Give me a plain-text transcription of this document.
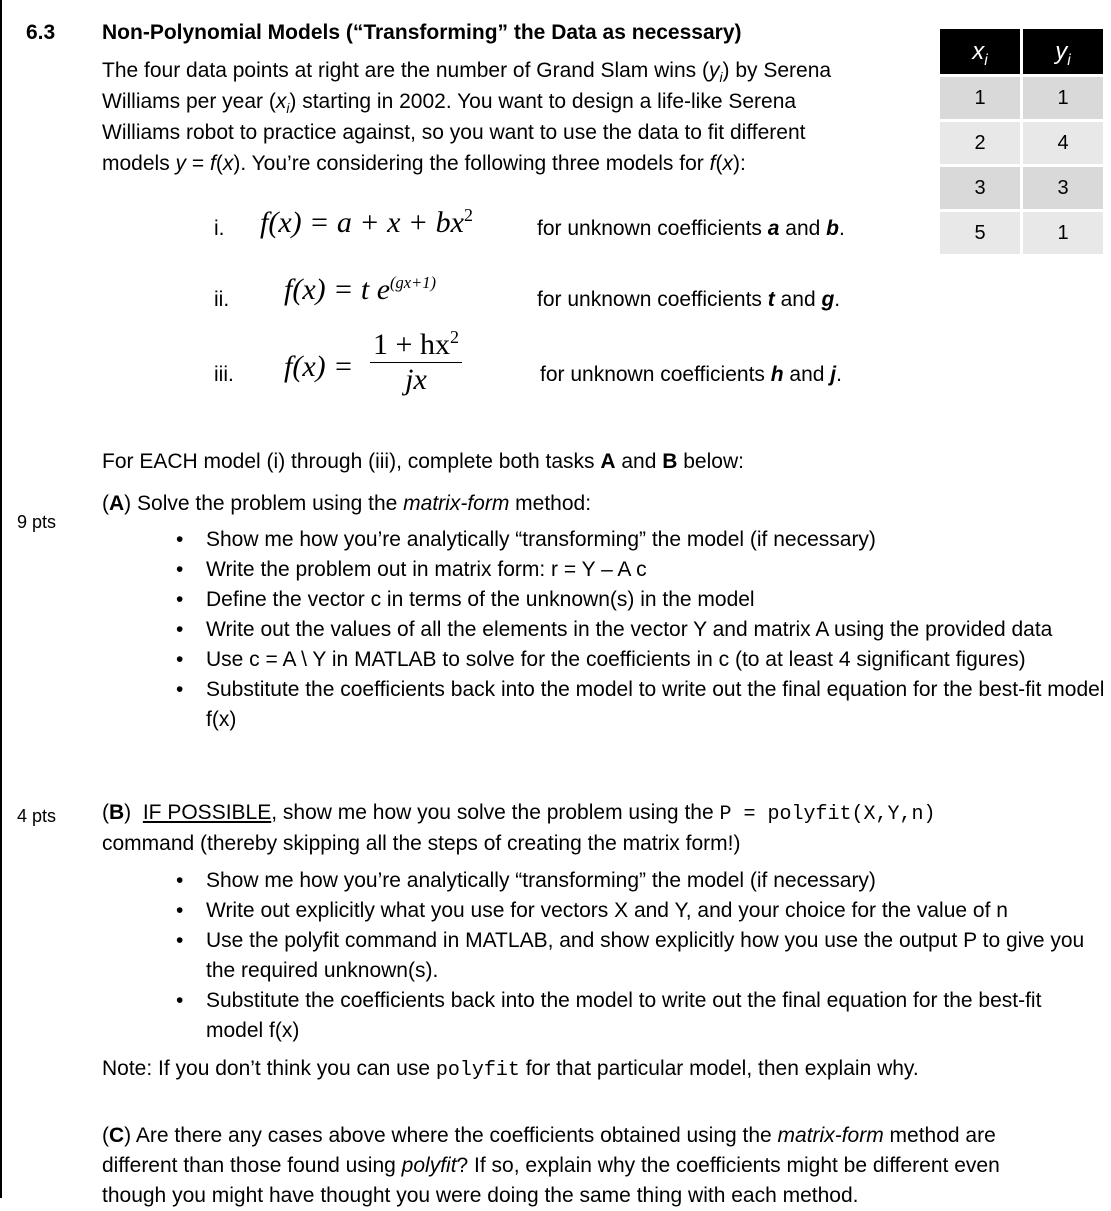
6.3 Non-Polynomial Models (“Transforming” the Data as necessary)
The four data points at right are the number of Grand Slam wins $(y_i)$ by Serena
Williams per year $(x_i)$ starting in 2002. You want to design a life-like Serena
Williams robot to practice against, so you want to use the data to fit different
models y = f(x). You’re considering the following three models for f(x):
$x_i$	$y_i$
1	1
2	4
3	3
5	1
i. $f(x) = a + x + bx^2$
for unknown coefficients a and b.
ii. f(x) = t $e^{(gx+1)}$
for unknown coefficients t and g.
iii. $f(x) = \frac{1 + hx^2}{jx}$	for unknown coefficients h and j.
For EACH model (i) through (iii), complete both tasks A and B below:
9 pts
(A) Solve the problem using the matrix-form method:
• Show me how you’re analytically “transforming” the model (if necessary)
• Write the problem out in matrix form: r = Y – A c
• Define the vector c in terms of the unknown(s) in the model
• Write out the values of all the elements in the vector Y and matrix A using the provided data
• Use c = A \ Y in MATLAB to solve for the coefficients in c (to at least 4 significant figures)
• Substitute the coefficients back into the model to write out the final equation for the best-fit model f(x)
4 pts (B)  IF POSSIBLE, show me how you solve the problem using the P = polyfit(X,Y,n)
command (thereby skipping all the steps of creating the matrix form!)
• Show me how you’re analytically “transforming” the model (if necessary)
• Write out explicitly what you use for vectors X and Y, and your choice for the value of n
• Use the polyfit command in MATLAB, and show explicitly how you use the output P to give you the required unknown(s).
• Substitute the coefficients back into the model to write out the final equation for the best-fit model f(x)
Note: If you don’t think you can use polyfit for that particular model, then explain why.
(C) Are there any cases above where the coefficients obtained using the matrix-form method are
different than those found using polyfit? If so, explain why the coefficients might be different even
though you might have thought you were doing the same thing with each method.
